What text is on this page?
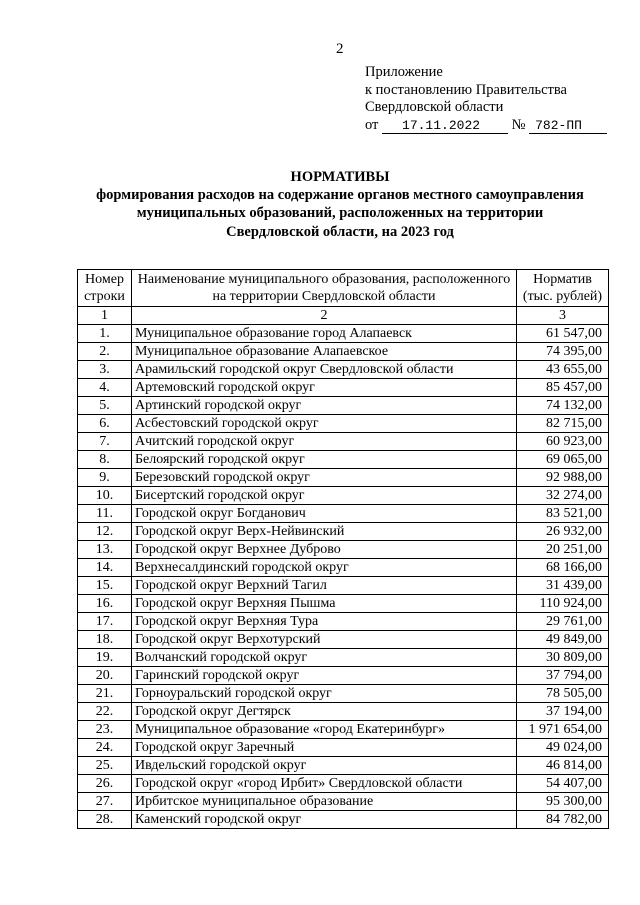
2
Приложение
к постановлению Правительства
Свердловской области
от 17.11.2022 № 782-ПП
НОРМАТИВЫ
формирования расходов на содержание органов местного самоуправления
муниципальных образований, расположенных на территории
Свердловской области, на 2023 год
Номер строки	Наименование муниципального образования, расположенного на территории Свердловской области	Норматив (тыс. рублей)
1	2	3
1.	Муниципальное образование город Алапаевск	61 547,00
2.	Муниципальное образование Алапаевское	74 395,00
3.	Арамильский городской округ Свердловской области	43 655,00
4.	Артемовский городской округ	85 457,00
5.	Артинский городской округ	74 132,00
6.	Асбестовский городской округ	82 715,00
7.	Ачитский городской округ	60 923,00
8.	Белоярский городской округ	69 065,00
9.	Березовский городской округ	92 988,00
10.	Бисертский городской округ	32 274,00
11.	Городской округ Богданович	83 521,00
12.	Городской округ Верх-Нейвинский	26 932,00
13.	Городской округ Верхнее Дуброво	20 251,00
14.	Верхнесалдинский городской округ	68 166,00
15.	Городской округ Верхний Тагил	31 439,00
16.	Городской округ Верхняя Пышма	110 924,00
17.	Городской округ Верхняя Тура	29 761,00
18.	Городской округ Верхотурский	49 849,00
19.	Волчанский городской округ	30 809,00
20.	Гаринский городской округ	37 794,00
21.	Горноуральский городской округ	78 505,00
22.	Городской округ Дегтярск	37 194,00
23.	Муниципальное образование «город Екатеринбург»	1 971 654,00
24.	Городской округ Заречный	49 024,00
25.	Ивдельский городской округ	46 814,00
26.	Городской округ «город Ирбит» Свердловской области	54 407,00
27.	Ирбитское муниципальное образование	95 300,00
28.	Каменский городской округ	84 782,00
